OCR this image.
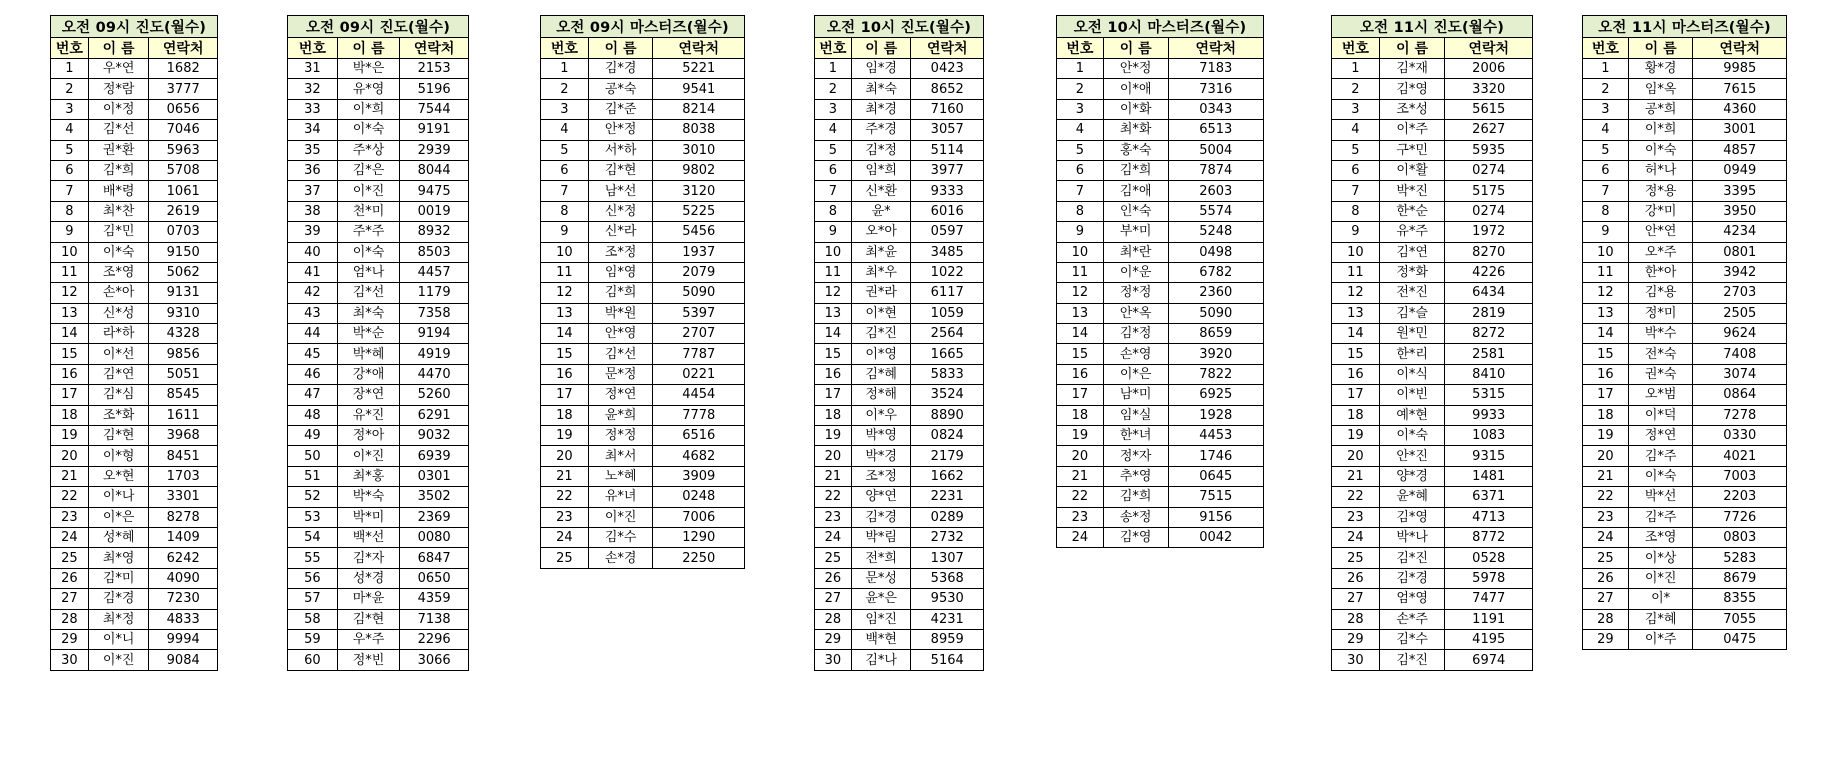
오전 09시 진도(월수)		
번호	이 름	연락처
1	우*연	1682
2	정*람	3777
3	이*정	0656
4	김*선	7046
5	권*환	5963
6	김*희	5708
7	배*령	1061
8	최*찬	2619
9	김*민	0703
10	이*숙	9150
11	조*영	5062
12	손*아	9131
13	신*성	9310
14	라*하	4328
15	이*선	9856
16	김*연	5051
17	김*심	8545
18	조*화	1611
19	김*현	3968
20	이*형	8451
21	오*현	1703
22	이*나	3301
23	이*은	8278
24	성*혜	1409
25	최*영	6242
26	김*미	4090
27	김*경	7230
28	최*정	4833
29	이*니	9994
30	이*진	9084
오전 09시 진도(월수)		
번호	이 름	연락처
31	박*은	2153
32	유*영	5196
33	이*희	7544
34	이*숙	9191
35	주*상	2939
36	김*은	8044
37	이*진	9475
38	천*미	0019
39	주*주	8932
40	이*숙	8503
41	엄*나	4457
42	김*선	1179
43	최*숙	7358
44	박*순	9194
45	박*혜	4919
46	강*애	4470
47	장*연	5260
48	유*진	6291
49	정*아	9032
50	이*진	6939
51	최*홍	0301
52	박*숙	3502
53	박*미	2369
54	백*선	0080
55	김*자	6847
56	성*경	0650
57	마*윤	4359
58	김*현	7138
59	우*주	2296
60	정*빈	3066
오전 09시 마스터즈(월수)		
번호	이 름	연락처
1	김*경	5221
2	공*숙	9541
3	김*준	8214
4	안*정	8038
5	서*하	3010
6	김*현	9802
7	남*선	3120
8	신*정	5225
9	신*라	5456
10	조*정	1937
11	임*영	2079
12	김*희	5090
13	박*원	5397
14	안*영	2707
15	김*선	7787
16	문*정	0221
17	정*연	4454
18	윤*희	7778
19	정*정	6516
20	최*서	4682
21	노*혜	3909
22	유*녀	0248
23	이*진	7006
24	김*수	1290
25	손*경	2250
오전 10시 진도(월수)		
번호	이 름	연락처
1	임*경	0423
2	최*숙	8652
3	최*경	7160
4	주*경	3057
5	김*정	5114
6	임*희	3977
7	신*환	9333
8	윤*	6016
9	오*아	0597
10	최*윤	3485
11	최*우	1022
12	권*라	6117
13	이*현	1059
14	김*진	2564
15	이*영	1665
16	김*혜	5833
17	정*해	3524
18	이*우	8890
19	박*영	0824
20	박*경	2179
21	조*정	1662
22	양*연	2231
23	김*경	0289
24	박*림	2732
25	전*희	1307
26	문*성	5368
27	윤*은	9530
28	임*진	4231
29	백*현	8959
30	김*나	5164
오전 10시 마스터즈(월수)		
번호	이 름	연락처
1	안*정	7183
2	이*애	7316
3	이*화	0343
4	최*화	6513
5	홍*숙	5004
6	김*희	7874
7	김*애	2603
8	인*숙	5574
9	부*미	5248
10	최*란	0498
11	이*운	6782
12	정*정	2360
13	안*옥	5090
14	김*정	8659
15	손*영	3920
16	이*은	7822
17	남*미	6925
18	임*실	1928
19	한*녀	4453
20	정*자	1746
21	추*영	0645
22	김*희	7515
23	송*정	9156
24	김*영	0042
오전 11시 진도(월수)		
번호	이 름	연락처
1	김*재	2006
2	김*영	3320
3	조*성	5615
4	이*주	2627
5	구*민	5935
6	이*활	0274
7	박*진	5175
8	한*순	0274
9	유*주	1972
10	김*연	8270
11	정*화	4226
12	전*진	6434
13	김*슬	2819
14	원*민	8272
15	한*리	2581
16	이*식	8410
17	이*빈	5315
18	예*현	9933
19	이*숙	1083
20	안*진	9315
21	양*경	1481
22	윤*혜	6371
23	김*영	4713
24	박*나	8772
25	김*진	0528
26	김*경	5978
27	엄*영	7477
28	손*주	1191
29	김*수	4195
30	김*진	6974
오전 11시 마스터즈(월수)		
번호	이 름	연락처
1	황*경	9985
2	임*옥	7615
3	공*희	4360
4	이*희	3001
5	이*숙	4857
6	허*나	0949
7	정*용	3395
8	강*미	3950
9	안*연	4234
10	오*주	0801
11	한*아	3942
12	김*용	2703
13	정*미	2505
14	박*수	9624
15	전*숙	7408
16	권*숙	3074
17	오*범	0864
18	이*덕	7278
19	정*연	0330
20	김*주	4021
21	이*숙	7003
22	박*선	2203
23	김*주	7726
24	조*영	0803
25	이*상	5283
26	이*진	8679
27	이*	8355
28	김*혜	7055
29	이*주	0475
